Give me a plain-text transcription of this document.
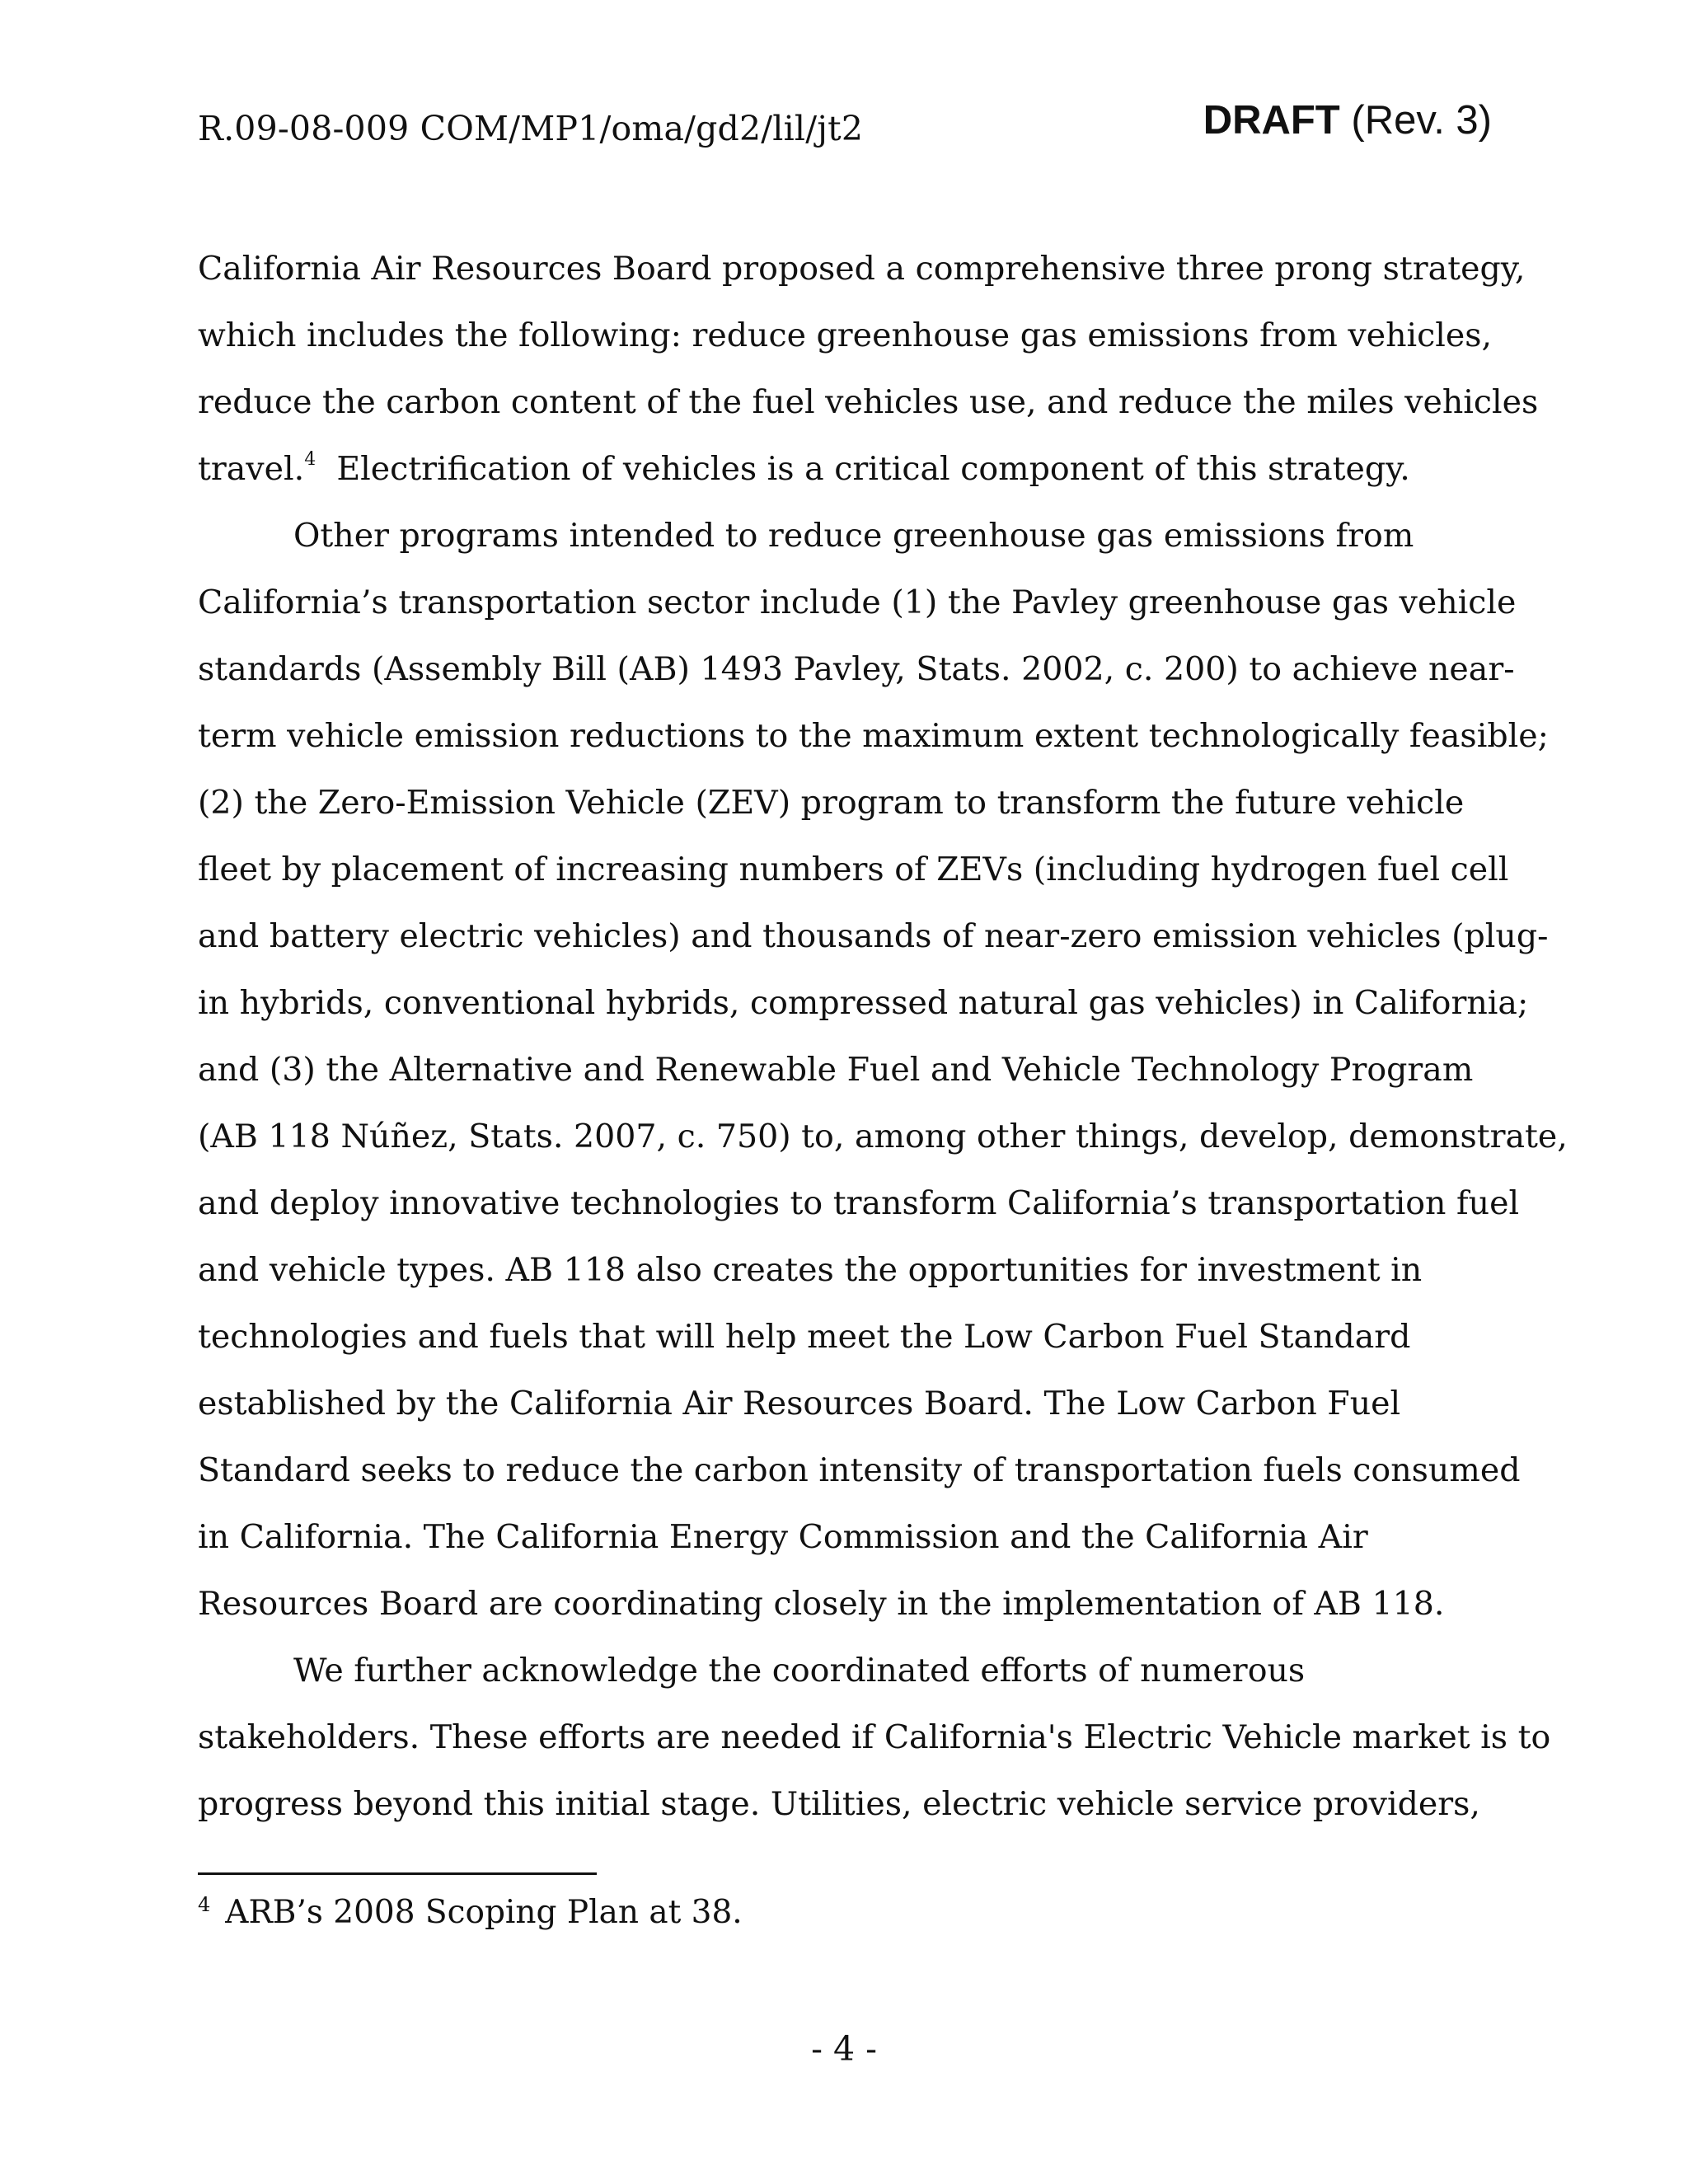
R.09-08-009 COM/MP1/oma/gd2/lil/jt2	DRAFT (Rev. 3)
California Air Resources Board proposed a comprehensive three prong strategy,
which includes the following: reduce greenhouse gas emissions from vehicles,
reduce the carbon content of the fuel vehicles use, and reduce the miles vehicles
travel.$^4$ Electrification of vehicles is a critical component of this strategy.
Other programs intended to reduce greenhouse gas emissions from
California’s transportation sector include (1) the Pavley greenhouse gas vehicle
standards (Assembly Bill (AB) 1493 Pavley, Stats. 2002, c. 200) to achieve near-
term vehicle emission reductions to the maximum extent technologically feasible;
(2) the Zero-Emission Vehicle (ZEV) program to transform the future vehicle
fleet by placement of increasing numbers of ZEVs (including hydrogen fuel cell
and battery electric vehicles) and thousands of near-zero emission vehicles (plug-
in hybrids, conventional hybrids, compressed natural gas vehicles) in California;
and (3) the Alternative and Renewable Fuel and Vehicle Technology Program
(AB 118 Núñez, Stats. 2007, c. 750) to, among other things, develop, demonstrate,
and deploy innovative technologies to transform California’s transportation fuel
and vehicle types. AB 118 also creates the opportunities for investment in
technologies and fuels that will help meet the Low Carbon Fuel Standard
established by the California Air Resources Board. The Low Carbon Fuel
Standard seeks to reduce the carbon intensity of transportation fuels consumed
in California. The California Energy Commission and the California Air
Resources Board are coordinating closely in the implementation of AB 118.
We further acknowledge the coordinated efforts of numerous
stakeholders. These efforts are needed if California's Electric Vehicle market is to
progress beyond this initial stage. Utilities, electric vehicle service providers,
$^4$ ARB’s 2008 Scoping Plan at 38.
- 4 -
